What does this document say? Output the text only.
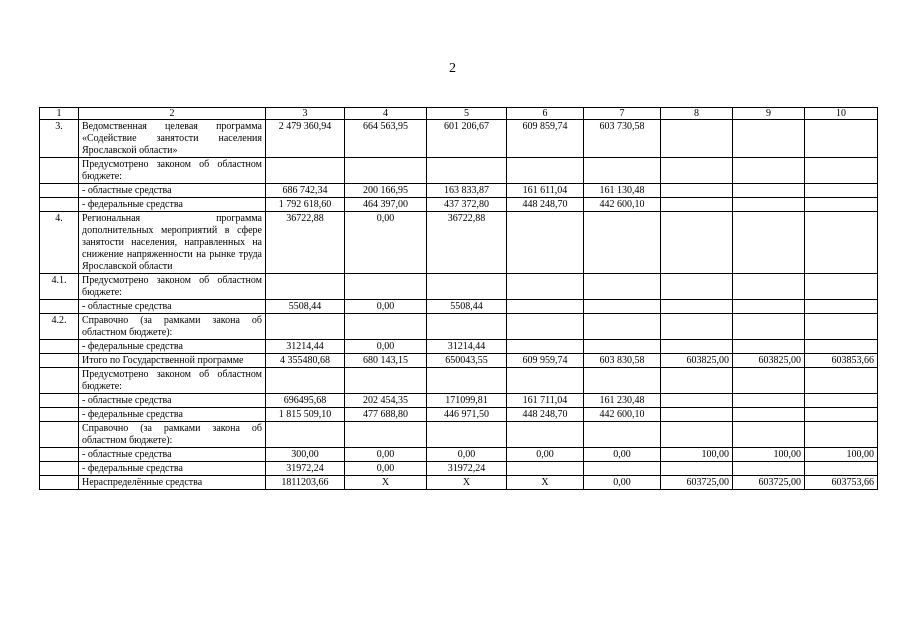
2
1	2	3	4	5	6	7	8	9	10
3.	Ведомственная целевая программа «Содействие занятости населения Ярославской области»	2 479 360,94	664 563,95	601 206,67	609 859,74	603 730,58			
	Предусмотрено законом об областном бюджете:								
	- областные средства	686 742,34	200 166,95	163 833,87	161 611,04	161 130,48			
	- федеральные средства	1 792 618,60	464 397,00	437 372,80	448 248,70	442 600,10			
4.	Региональная программа дополнительных мероприятий в сфере занятости населения, направленных на снижение напряженности на рынке труда Ярославской области	36722,88	0,00	36722,88					
4.1.	Предусмотрено законом об областном бюджете:								
	- областные средства	5508,44	0,00	5508,44					
4.2.	Справочно (за рамками закона об областном бюджете):								
	- федеральные средства	31214,44	0,00	31214,44					
	Итого по Государственной программе	4 355480,68	680 143,15	650043,55	609 959,74	603 830,58	603825,00	603825,00	603853,66
	Предусмотрено законом об областном бюджете:								
	- областные средства	696495,68	202 454,35	171099,81	161 711,04	161 230,48			
	- федеральные средства	1 815 509,10	477 688,80	446 971,50	448 248,70	442 600,10			
	Справочно (за рамками закона об областном бюджете):								
	- областные средства	300,00	0,00	0,00	0,00	0,00	100,00	100,00	100,00
	- федеральные средства	31972,24	0,00	31972,24					
	Нераспределённые средства	1811203,66	Х	Х	Х	0,00	603725,00	603725,00	603753,66
